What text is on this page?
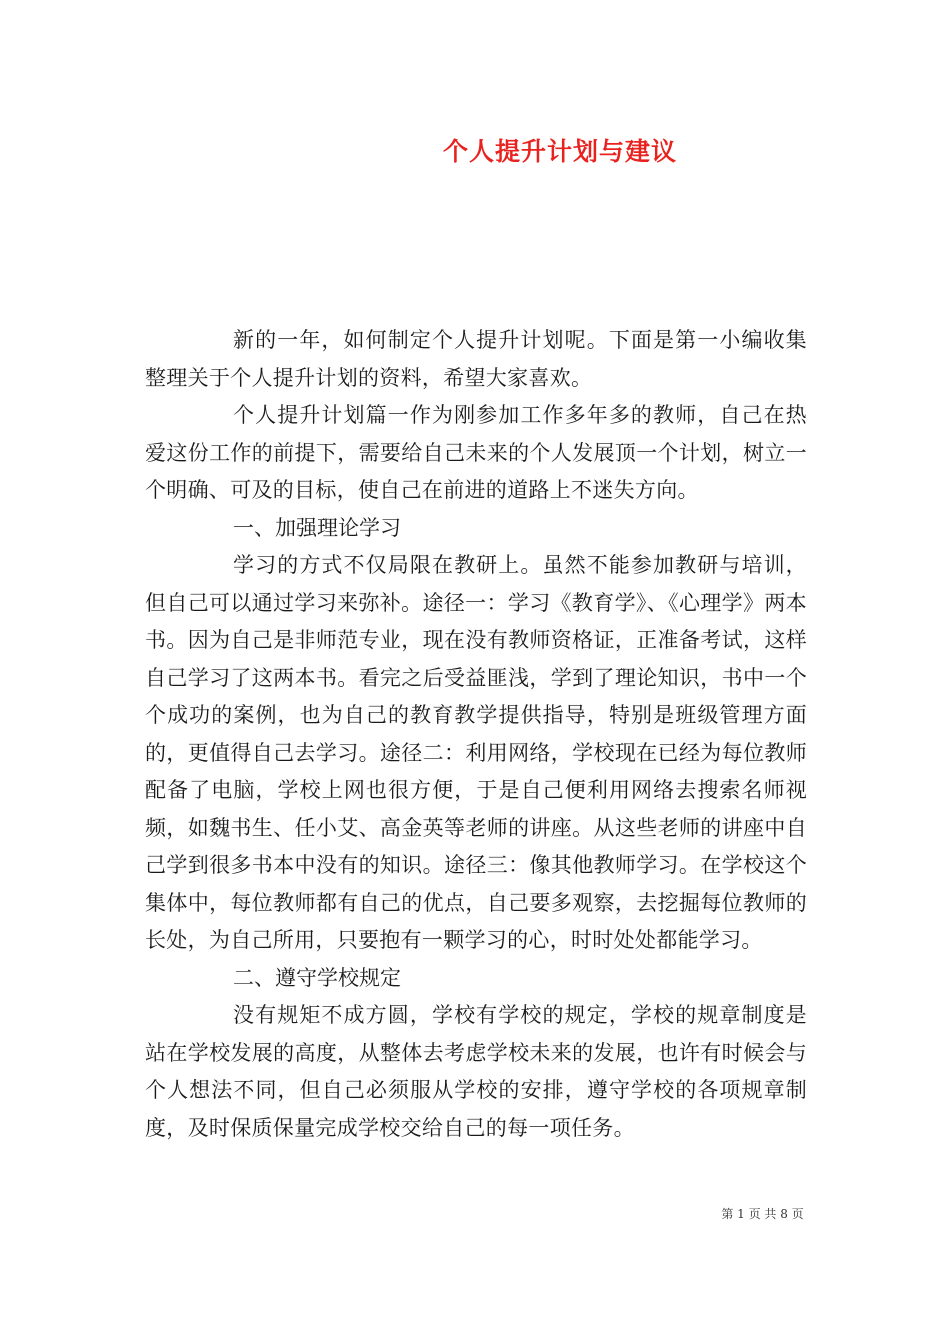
个人提升计划与建议

新的一年，如何制定个人提升计划呢。下面是第一小编收集整理关于个人提升计划的资料，希望大家喜欢。

个人提升计划篇一作为刚参加工作多年多的教师，自己在热爱这份工作的前提下，需要给自己未来的个人发展顶一个计划，树立一个明确、可及的目标，使自己在前进的道路上不迷失方向。

一、加强理论学习

学习的方式不仅局限在教研上。虽然不能参加教研与培训，但自己可以通过学习来弥补。途径一：学习《教育学》、《心理学》两本书。因为自己是非师范专业，现在没有教师资格证，正准备考试，这样自己学习了这两本书。看完之后受益匪浅，学到了理论知识，书中一个个成功的案例，也为自己的教育教学提供指导，特别是班级管理方面的，更值得自己去学习。途径二：利用网络，学校现在已经为每位教师配备了电脑，学校上网也很方便，于是自己便利用网络去搜索名师视频，如魏书生、任小艾、高金英等老师的讲座。从这些老师的讲座中自己学到很多书本中没有的知识。途径三：像其他教师学习。在学校这个集体中，每位教师都有自己的优点，自己要多观察，去挖掘每位教师的长处，为自己所用，只要抱有一颗学习的心，时时处处都能学习。

二、遵守学校规定

没有规矩不成方圆，学校有学校的规定，学校的规章制度是站在学校发展的高度，从整体去考虑学校未来的发展，也许有时候会与个人想法不同，但自己必须服从学校的安排，遵守学校的各项规章制度，及时保质保量完成学校交给自己的每一项任务。

第 1 页 共 8 页
